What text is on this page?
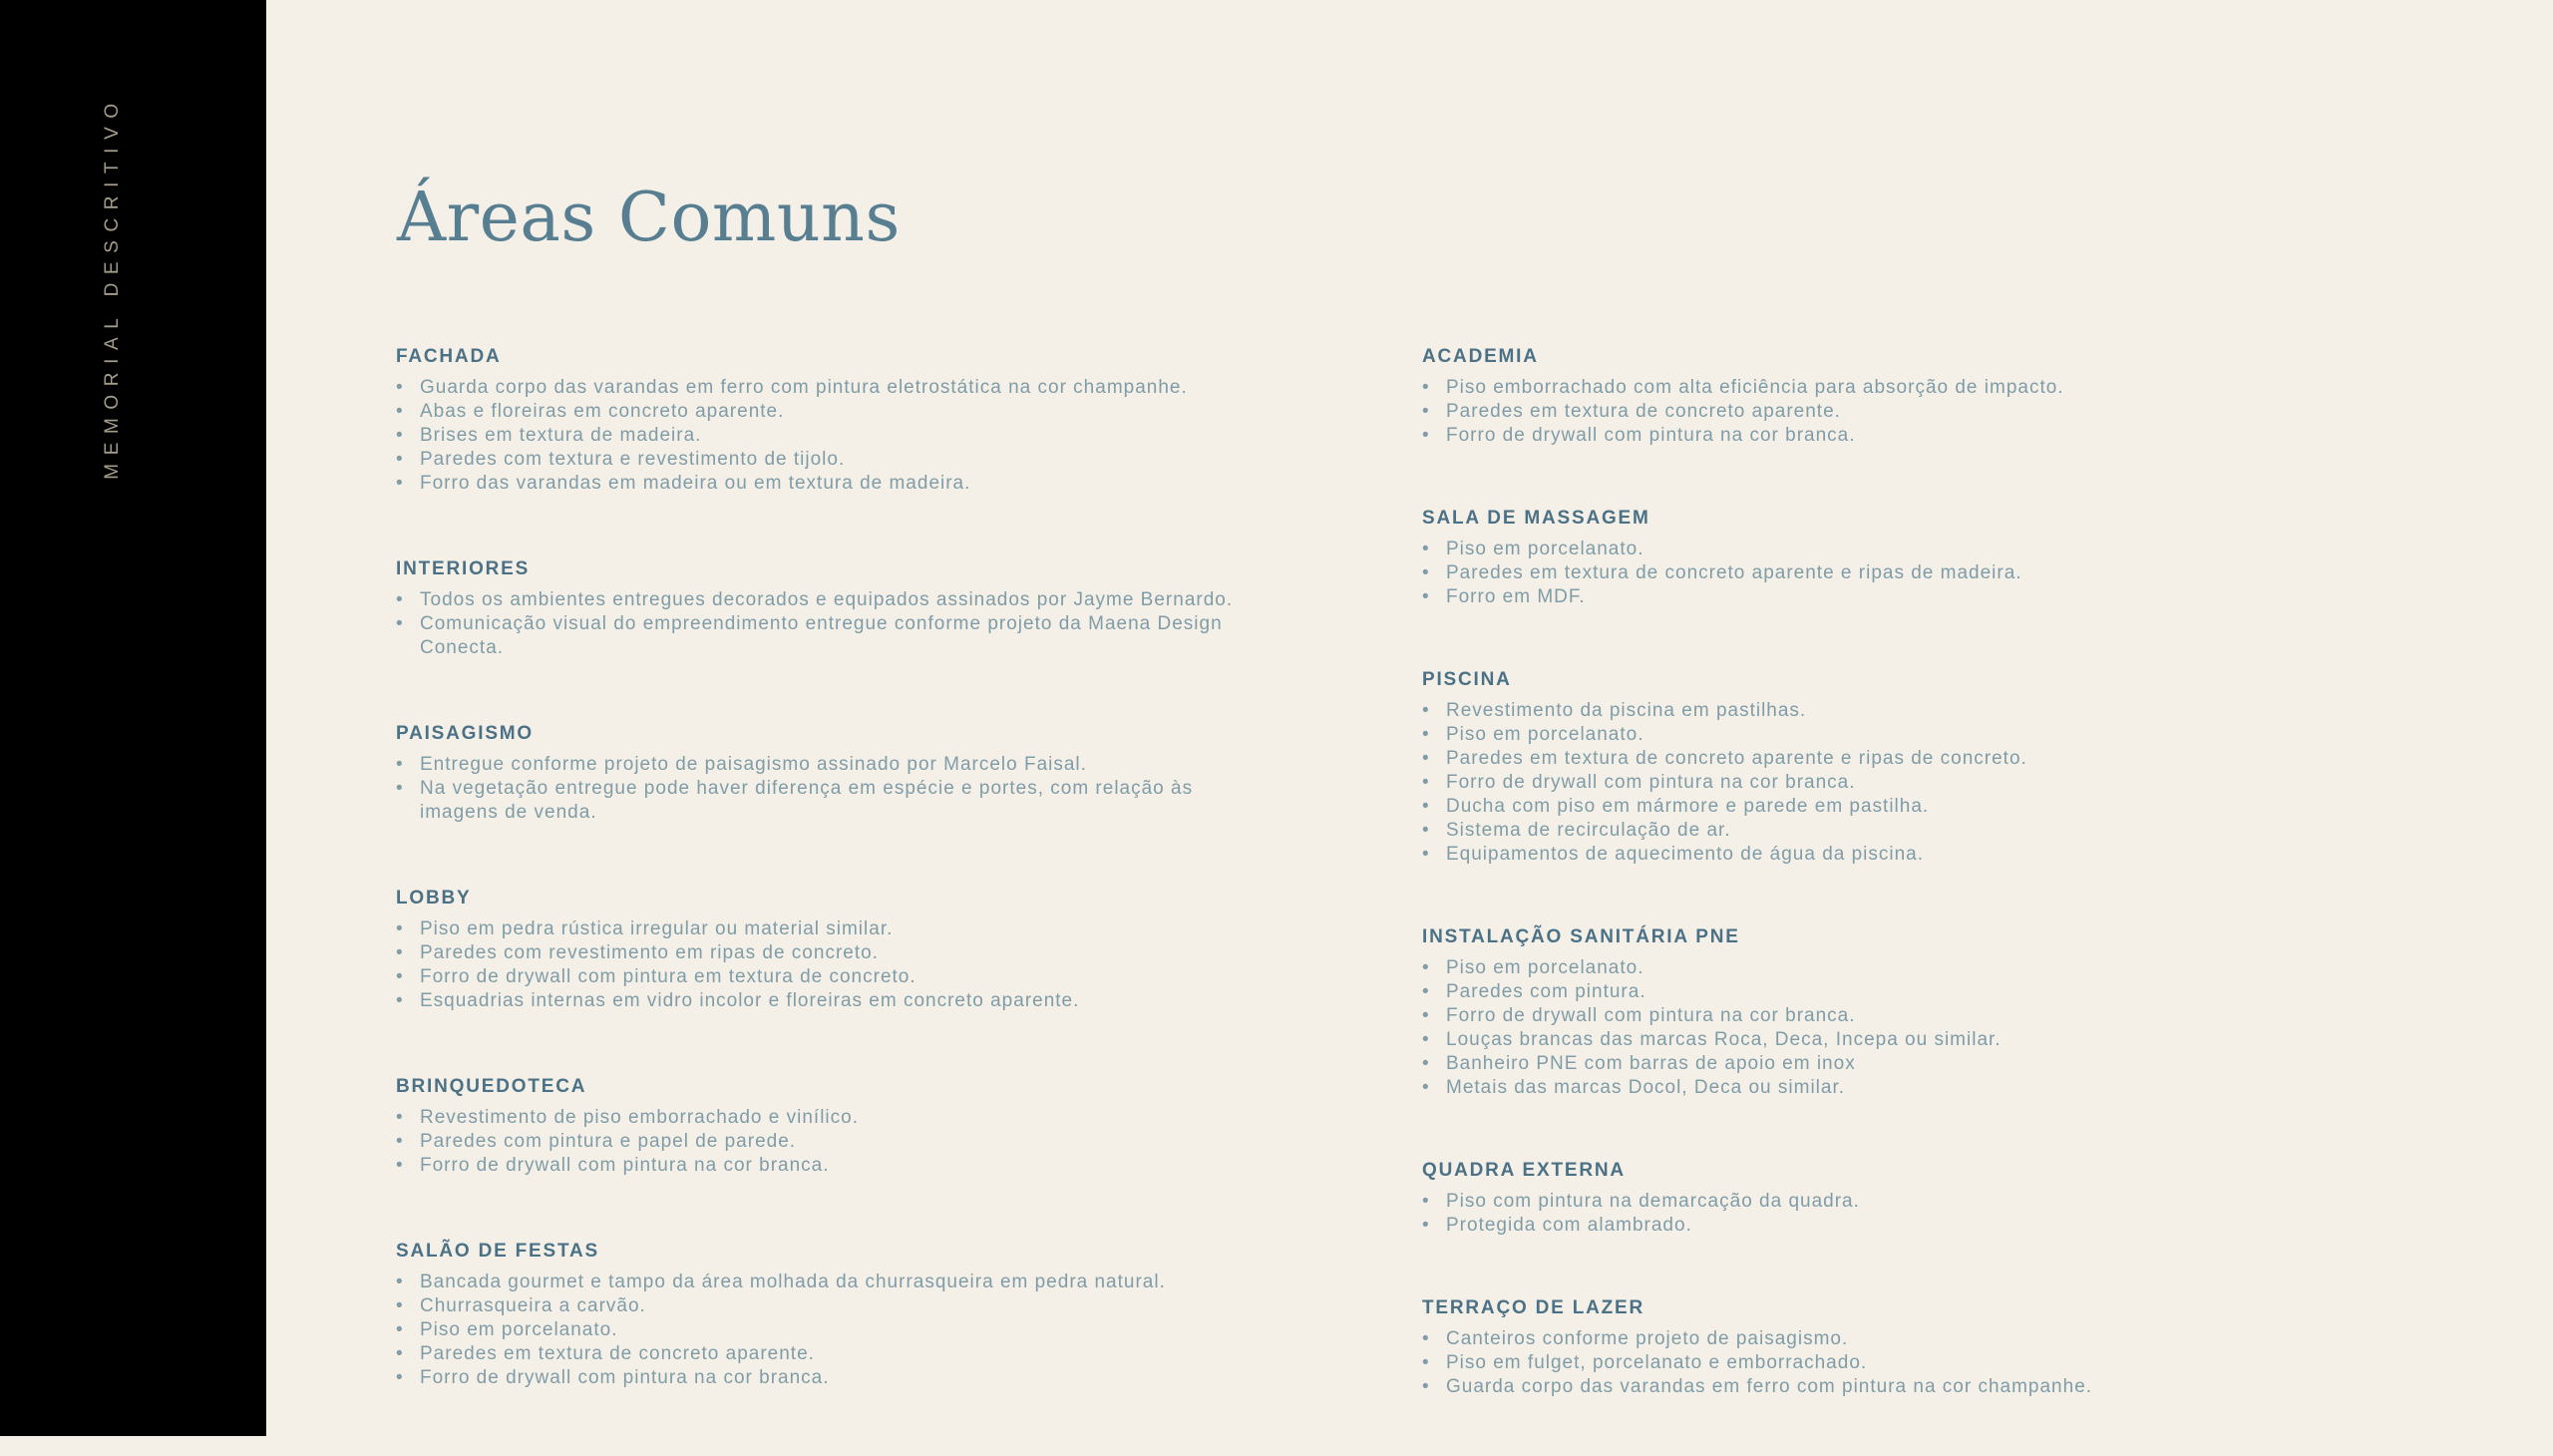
MEMORIAL DESCRITIVO	Áreas Comuns
FACHADA
• Guarda corpo das varandas em ferro com pintura eletrostática na cor champanhe.
• Abas e floreiras em concreto aparente.
• Brises em textura de madeira.
• Paredes com textura e revestimento de tijolo.
• Forro das varandas em madeira ou em textura de madeira.
INTERIORES
• Todos os ambientes entregues decorados e equipados assinados por Jayme Bernardo.
• Comunicação visual do empreendimento entregue conforme projeto da Maena Design Conecta.
PAISAGISMO
• Entregue conforme projeto de paisagismo assinado por Marcelo Faisal.
• Na vegetação entregue pode haver diferença em espécie e portes, com relação às imagens de venda.
LOBBY
• Piso em pedra rústica irregular ou material similar.
• Paredes com revestimento em ripas de concreto.
• Forro de drywall com pintura em textura de concreto.
• Esquadrias internas em vidro incolor e floreiras em concreto aparente.
BRINQUEDOTECA
• Revestimento de piso emborrachado e vinílico.
• Paredes com pintura e papel de parede.
• Forro de drywall com pintura na cor branca.
SALÃO DE FESTAS
• Bancada gourmet e tampo da área molhada da churrasqueira em pedra natural.
• Churrasqueira a carvão.
• Piso em porcelanato.
• Paredes em textura de concreto aparente.
• Forro de drywall com pintura na cor branca.
ACADEMIA
• Piso emborrachado com alta eficiência para absorção de impacto.
• Paredes em textura de concreto aparente.
• Forro de drywall com pintura na cor branca.
SALA DE MASSAGEM
• Piso em porcelanato.
• Paredes em textura de concreto aparente e ripas de madeira.
• Forro em MDF.
PISCINA
• Revestimento da piscina em pastilhas.
• Piso em porcelanato.
• Paredes em textura de concreto aparente e ripas de concreto.
• Forro de drywall com pintura na cor branca.
• Ducha com piso em mármore e parede em pastilha.
• Sistema de recirculação de ar.
• Equipamentos de aquecimento de água da piscina.
INSTALAÇÃO SANITÁRIA PNE
• Piso em porcelanato.
• Paredes com pintura.
• Forro de drywall com pintura na cor branca.
• Louças brancas das marcas Roca, Deca, Incepa ou similar.
• Banheiro PNE com barras de apoio em inox
• Metais das marcas Docol, Deca ou similar.
QUADRA EXTERNA
• Piso com pintura na demarcação da quadra.
• Protegida com alambrado.
TERRAÇO DE LAZER
• Canteiros conforme projeto de paisagismo.
• Piso em fulget, porcelanato e emborrachado.
• Guarda corpo das varandas em ferro com pintura na cor champanhe.
